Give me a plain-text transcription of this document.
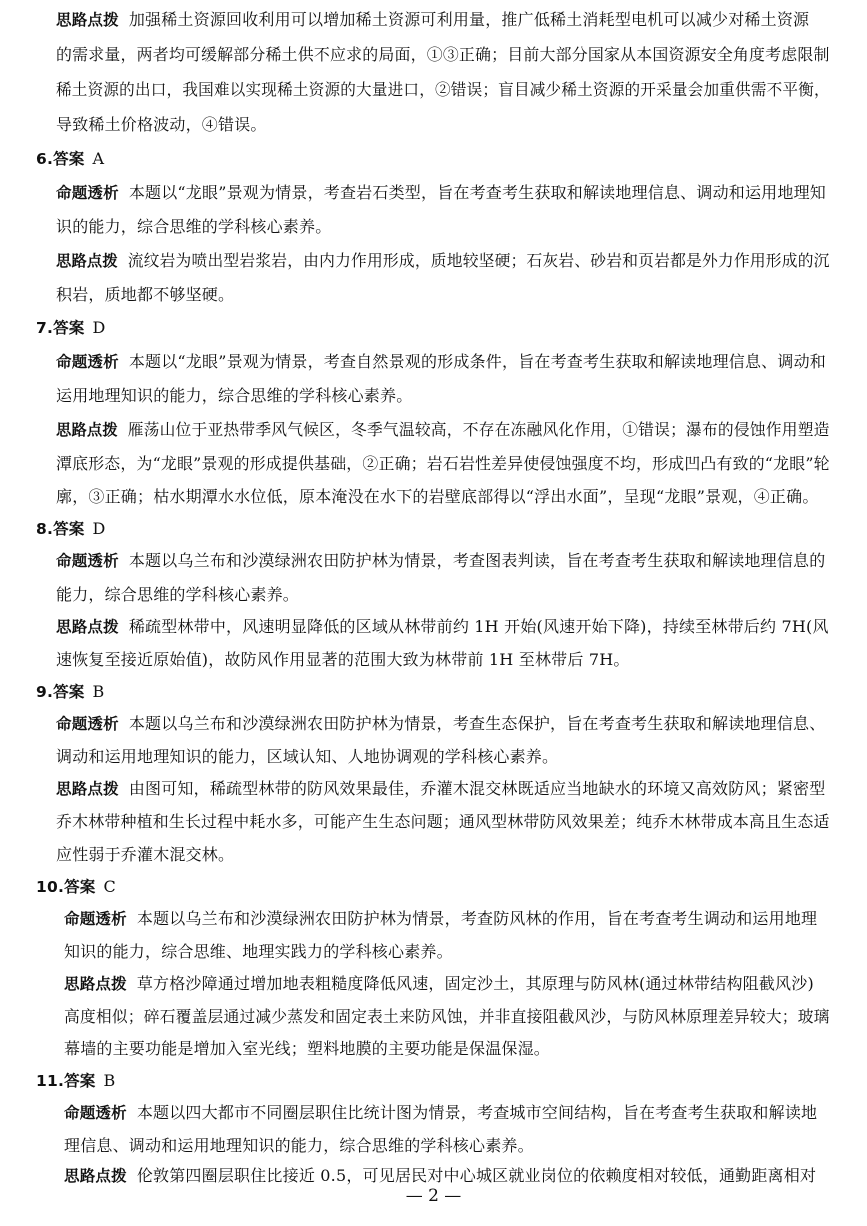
思路点拨 加强稀土资源回收利用可以增加稀土资源可利用量，推广低稀土消耗型电机可以减少对稀土资源
的需求量，两者均可缓解部分稀土供不应求的局面，①③正确；目前大部分国家从本国资源安全角度考虑限制
稀土资源的出口，我国难以实现稀土资源的大量进口，②错误；盲目减少稀土资源的开采量会加重供需不平衡，
导致稀土价格波动，④错误。
6.答案 A
命题透析 本题以“龙眼”景观为情景，考查岩石类型，旨在考查考生获取和解读地理信息、调动和运用地理知
识的能力，综合思维的学科核心素养。
思路点拨 流纹岩为喷出型岩浆岩，由内力作用形成，质地较坚硬；石灰岩、砂岩和页岩都是外力作用形成的沉
积岩，质地都不够坚硬。
7.答案 D
命题透析 本题以“龙眼”景观为情景，考查自然景观的形成条件，旨在考查考生获取和解读地理信息、调动和
运用地理知识的能力，综合思维的学科核心素养。
思路点拨 雁荡山位于亚热带季风气候区，冬季气温较高，不存在冻融风化作用，①错误；瀑布的侵蚀作用塑造
潭底形态，为“龙眼”景观的形成提供基础，②正确；岩石岩性差异使侵蚀强度不均，形成凹凸有致的“龙眼”轮
廓，③正确；枯水期潭水水位低，原本淹没在水下的岩壁底部得以“浮出水面”，呈现“龙眼”景观，④正确。
8.答案 D
命题透析 本题以乌兰布和沙漠绿洲农田防护林为情景，考查图表判读，旨在考查考生获取和解读地理信息的
能力，综合思维的学科核心素养。
思路点拨 稀疏型林带中，风速明显降低的区域从林带前约 1H 开始(风速开始下降)，持续至林带后约 7H(风
速恢复至接近原始值)，故防风作用显著的范围大致为林带前 1H 至林带后 7H。
9.答案 B
命题透析 本题以乌兰布和沙漠绿洲农田防护林为情景，考查生态保护，旨在考查考生获取和解读地理信息、
调动和运用地理知识的能力，区域认知、人地协调观的学科核心素养。
思路点拨 由图可知，稀疏型林带的防风效果最佳，乔灌木混交林既适应当地缺水的环境又高效防风；紧密型
乔木林带种植和生长过程中耗水多，可能产生生态问题；通风型林带防风效果差；纯乔木林带成本高且生态适
应性弱于乔灌木混交林。
10.答案 C
命题透析 本题以乌兰布和沙漠绿洲农田防护林为情景，考查防风林的作用，旨在考查考生调动和运用地理
知识的能力，综合思维、地理实践力的学科核心素养。
思路点拨 草方格沙障通过增加地表粗糙度降低风速，固定沙土，其原理与防风林(通过林带结构阻截风沙)
高度相似；碎石覆盖层通过减少蒸发和固定表土来防风蚀，并非直接阻截风沙，与防风林原理差异较大；玻璃
幕墙的主要功能是增加入室光线；塑料地膜的主要功能是保温保湿。
11.答案 B
命题透析 本题以四大都市不同圈层职住比统计图为情景，考查城市空间结构，旨在考查考生获取和解读地
理信息、调动和运用地理知识的能力，综合思维的学科核心素养。
思路点拨 伦敦第四圈层职住比接近 0.5，可见居民对中心城区就业岗位的依赖度相对较低，通勤距离相对
— 2 —
